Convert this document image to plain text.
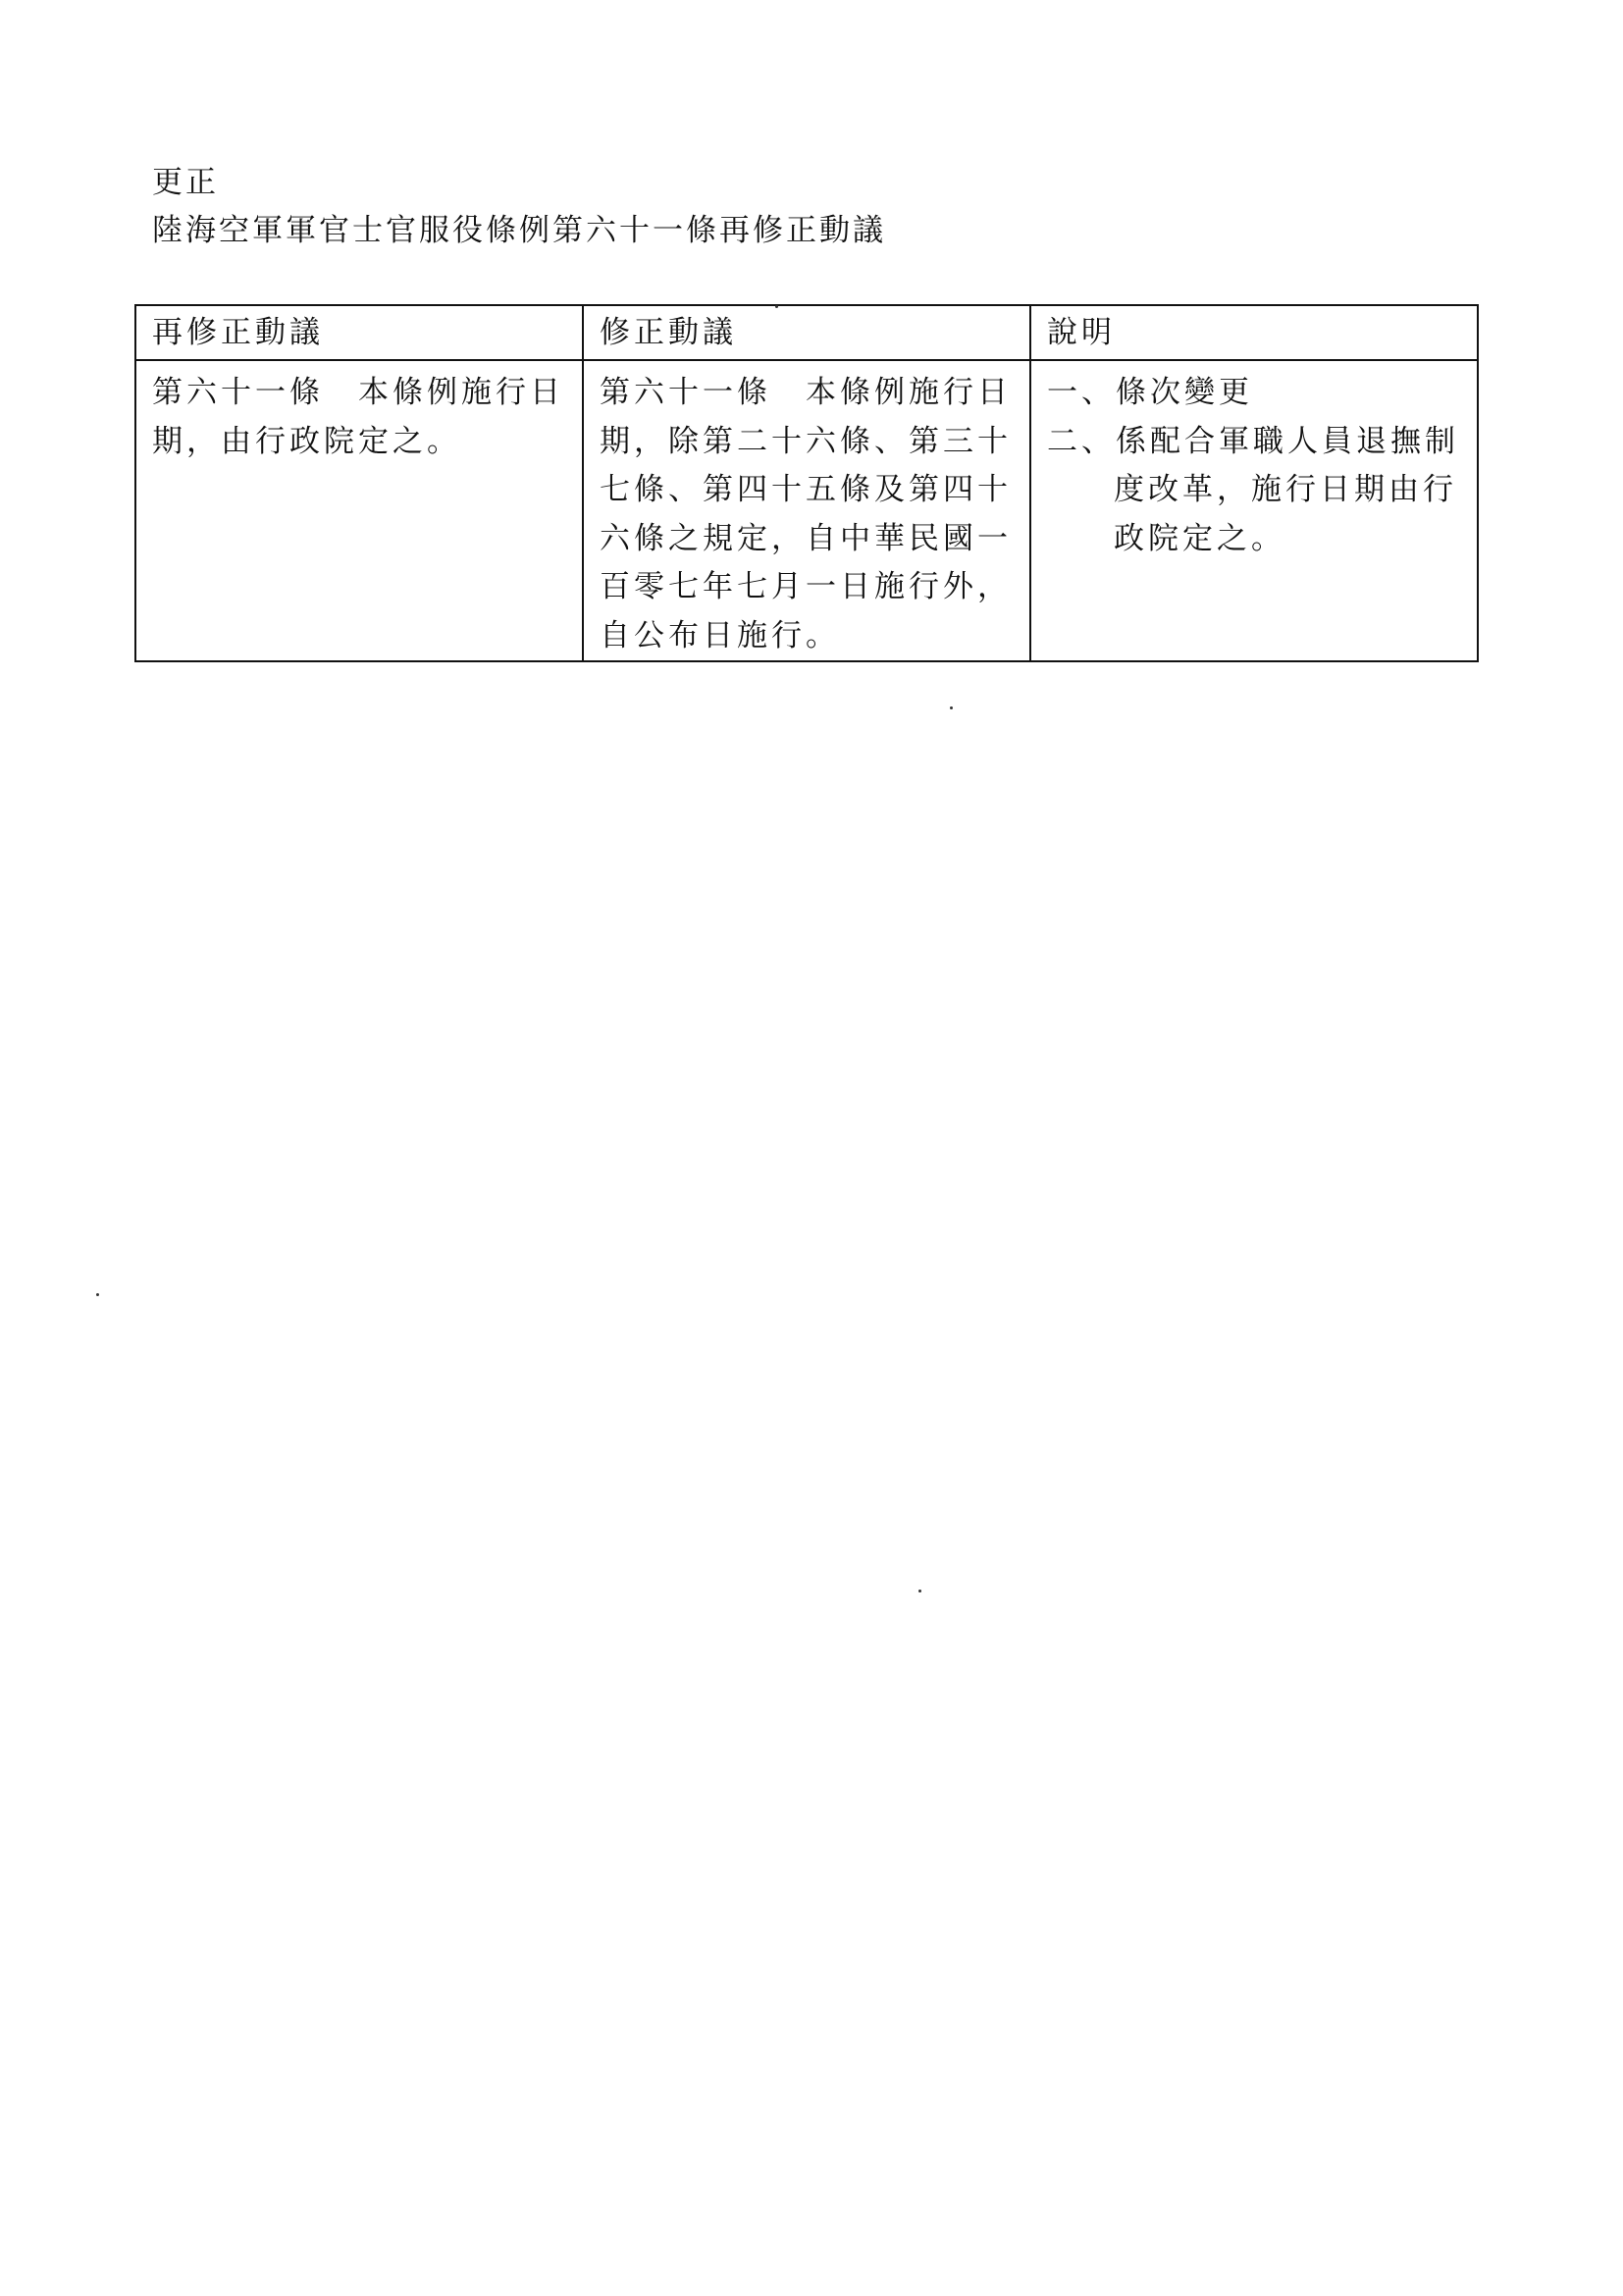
更正
陸海空軍軍官士官服役條例第六十一條再修正動議
再修正動議	修正動議	說明

第六十一條　本條例施行日期，由行政院定之。	第六十一條　本條例施行日期，除第二十六條、第三十七條、第四十五條及第四十六條之規定，自中華民國一百零七年七月一日施行外，自公布日施行。	一、條次變更
二、係配合軍職人員退撫制度改革，施行日期由行政院定之。
